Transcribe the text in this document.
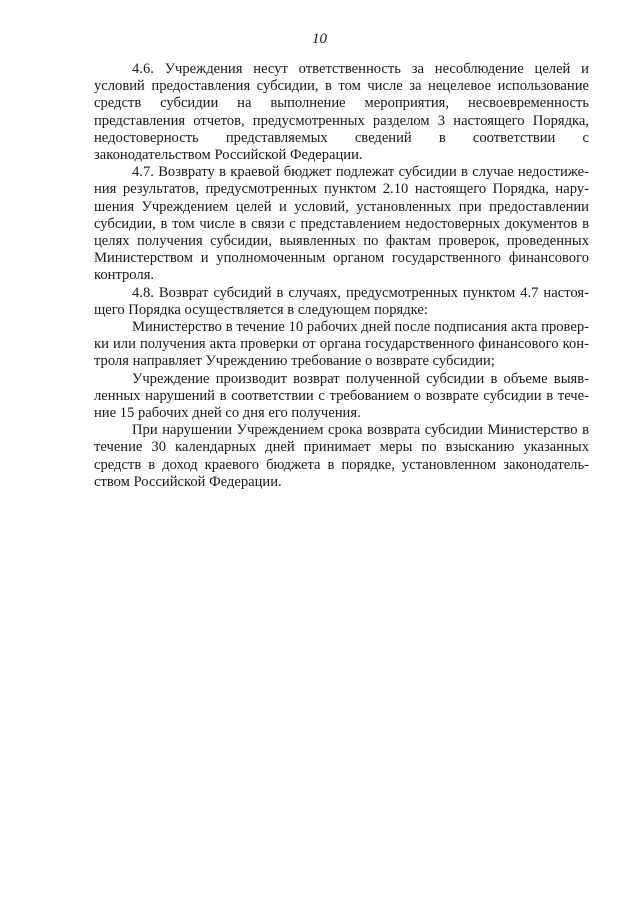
10

4.6. Учреждения несут ответственность за несоблюдение целей и условий предоставления субсидии, в том числе за нецелевое использование средств субсидии на выполнение мероприятия, несвоевременность представления отчетов, предусмотренных разделом 3 настоящего Порядка, недостоверность представляемых сведений в соответствии с законодательством Российской Федерации.

4.7. Возврату в краевой бюджет подлежат субсидии в случае недостижения результатов, предусмотренных пунктом 2.10 настоящего Порядка, нарушения Учреждением целей и условий, установленных при предоставлении субсидии, в том числе в связи с представлением недостоверных документов в целях получения субсидии, выявленных по фактам проверок, проведенных Министерством и уполномоченным органом государственного финансового контроля.

4.8. Возврат субсидий в случаях, предусмотренных пунктом 4.7 настоящего Порядка осуществляется в следующем порядке:

Министерство в течение 10 рабочих дней после подписания акта проверки или получения акта проверки от органа государственного финансового контроля направляет Учреждению требование о возврате субсидии;

Учреждение производит возврат полученной субсидии в объеме выявленных нарушений в соответствии с требованием о возврате субсидии в течение 15 рабочих дней со дня его получения.

При нарушении Учреждением срока возврата субсидии Министерство в течение 30 календарных дней принимает меры по взысканию указанных средств в доход краевого бюджета в порядке, установленном законодательством Российской Федерации.
